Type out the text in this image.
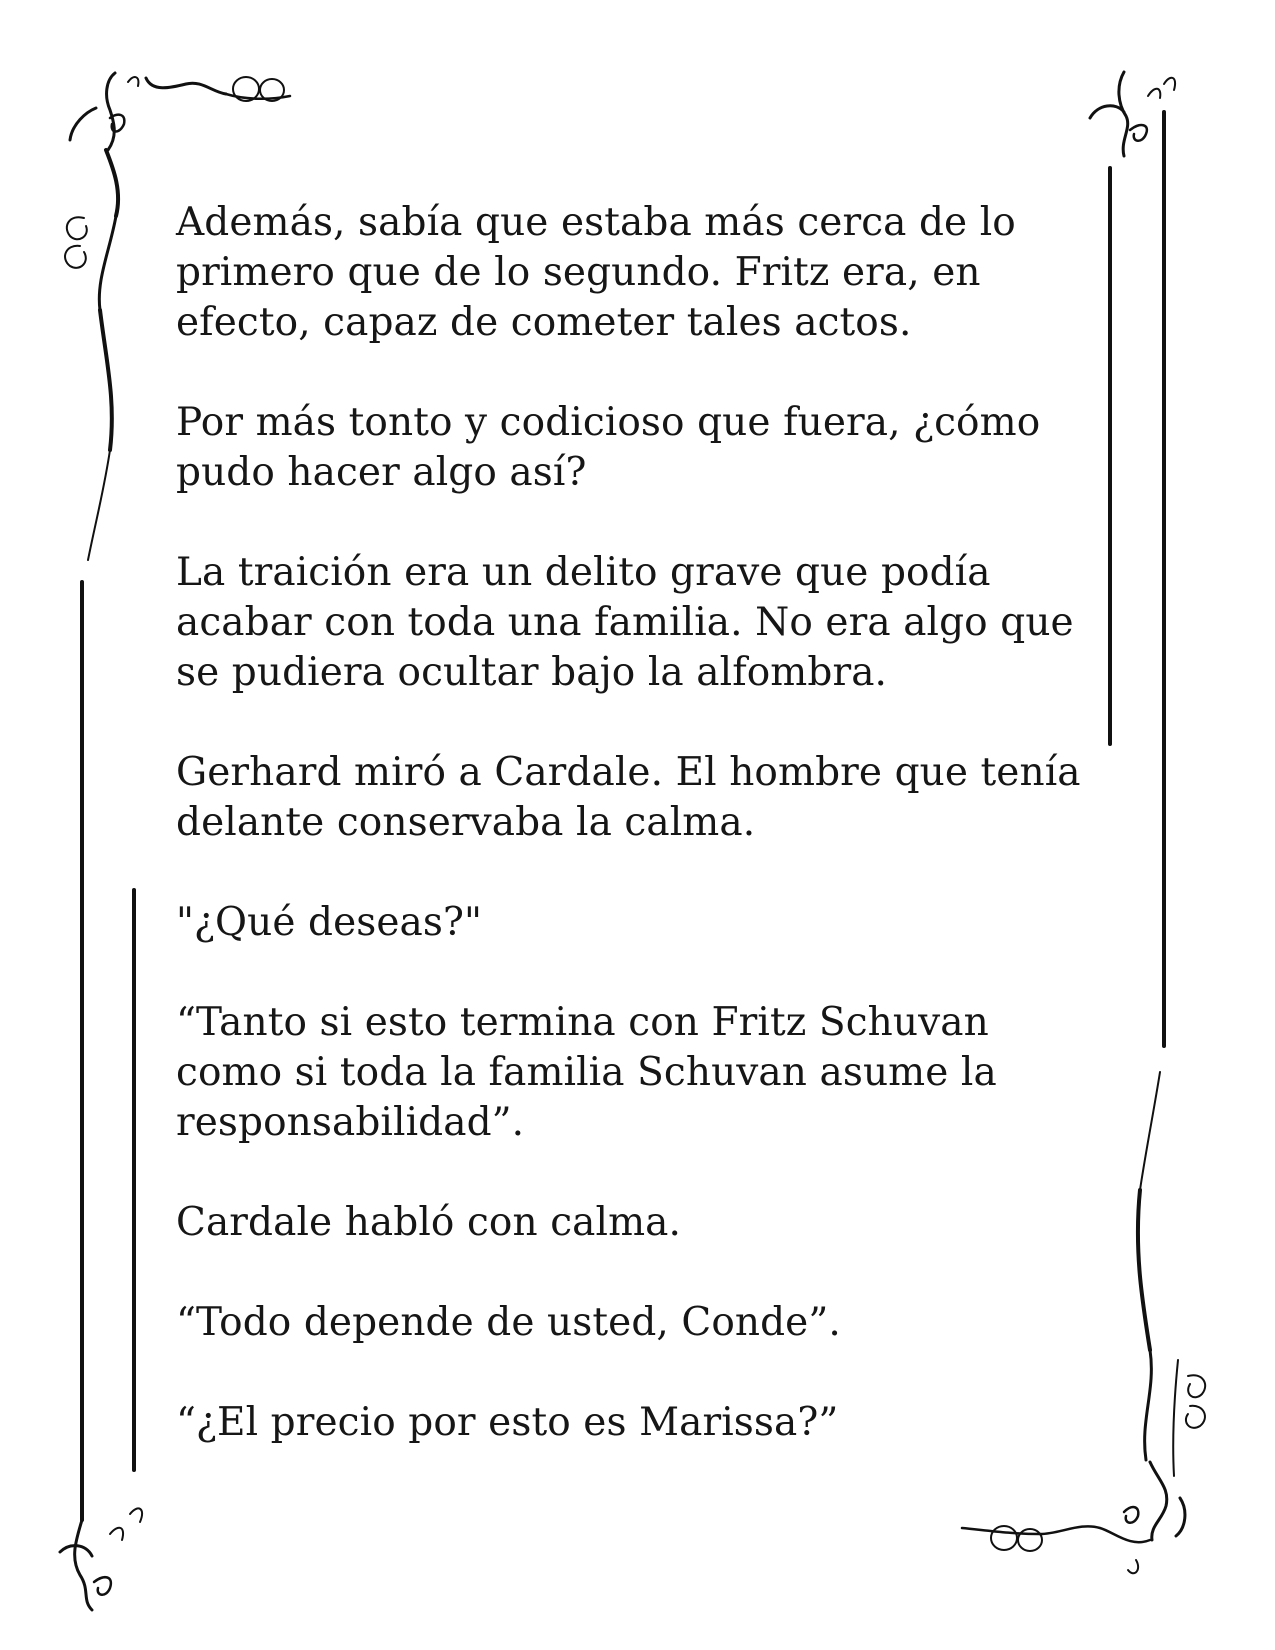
Además, sabía que estaba más cerca de lo primero que de lo segundo. Fritz era, en efecto, capaz de cometer tales actos.

Por más tonto y codicioso que fuera, ¿cómo pudo hacer algo así?

La traición era un delito grave que podía acabar con toda una familia. No era algo que se pudiera ocultar bajo la alfombra.

Gerhard miró a Cardale. El hombre que tenía delante conservaba la calma.

"¿Qué deseas?"

“Tanto si esto termina con Fritz Schuvan como si toda la familia Schuvan asume la responsabilidad”.

Cardale habló con calma.

“Todo depende de usted, Conde”.

“¿El precio por esto es Marissa?”
